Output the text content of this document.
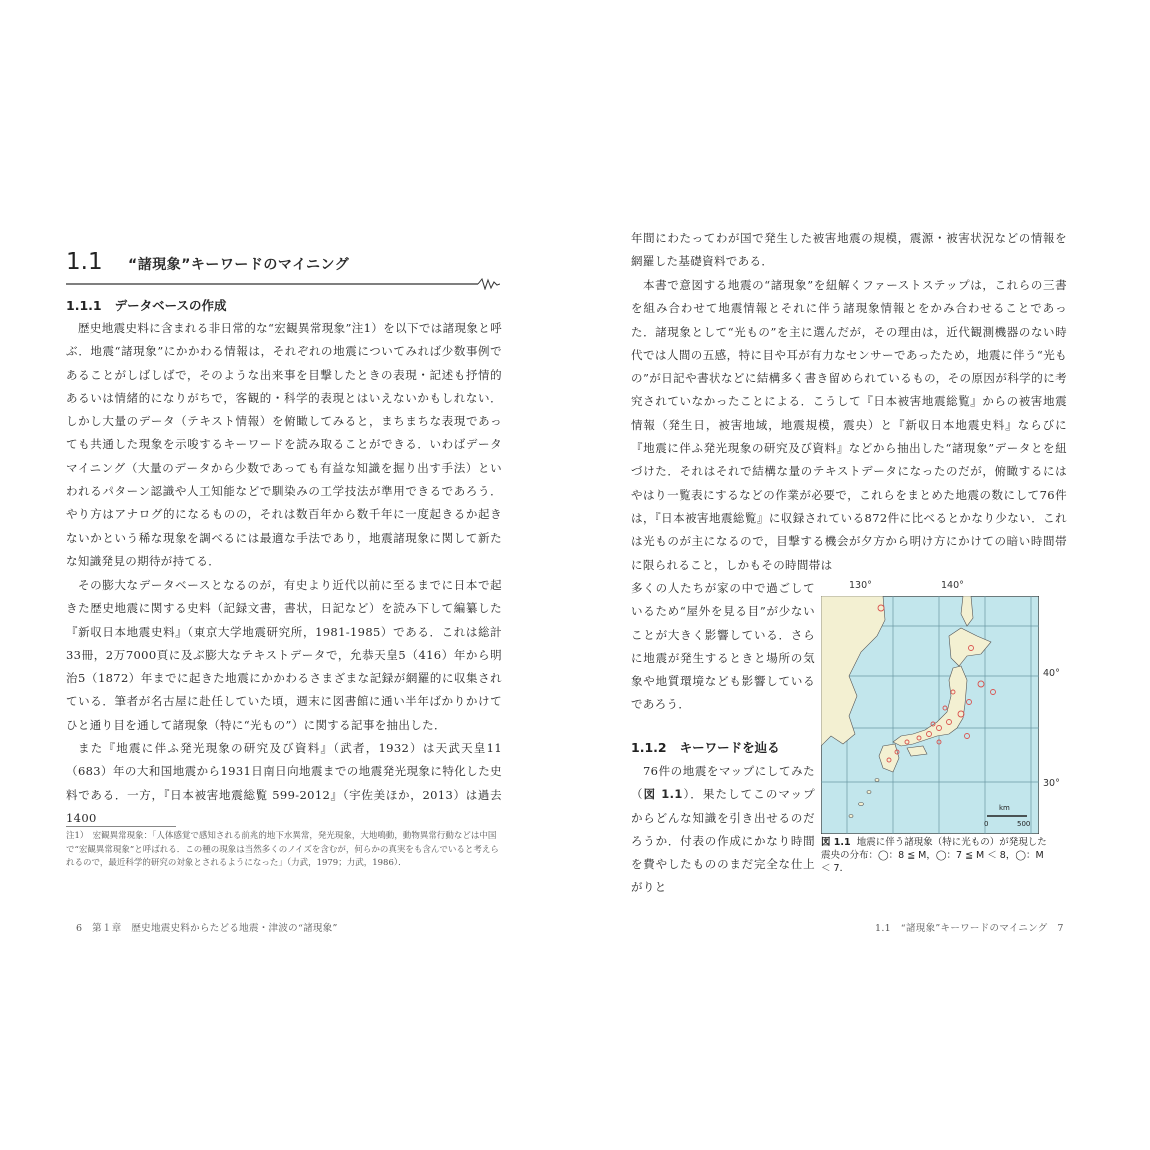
1.1 “諸現象”キーワードのマイニング
1.1.1 データベースの作成
歴史地震史料に含まれる非日常的な“宏観異常現象”注1）を以下では諸現象と呼ぶ．地震“諸現象”にかかわる情報は，それぞれの地震についてみれば少数事例であることがしばしばで，そのような出来事を目撃したときの表現・記述も抒情的あるいは情緒的になりがちで，客観的・科学的表現とはいえないかもしれない．しかし大量のデータ（テキスト情報）を俯瞰してみると，まちまちな表現であっても共通した現象を示唆するキーワードを読み取ることができる．いわばデータマイニング（大量のデータから少数であっても有益な知識を掘り出す手法）といわれるパターン認識や人工知能などで馴染みの工学技法が準用できるであろう．やり方はアナログ的になるものの，それは数百年から数千年に一度起きるか起きないかという稀な現象を調べるには最適な手法であり，地震諸現象に関して新たな知識発見の期待が持てる．
その膨大なデータベースとなるのが，有史より近代以前に至るまでに日本で起きた歴史地震に関する史料（記録文書，書状，日記など）を読み下して編纂した『新収日本地震史料』（東京大学地震研究所，1981-1985）である．これは総計33冊，2万7000頁に及ぶ膨大なテキストデータで，允恭天皇5（416）年から明治5（1872）年までに起きた地震にかかわるさまざまな記録が網羅的に収集されている．筆者が名古屋に赴任していた頃，週末に図書館に通い半年ばかりかけてひと通り目を通して諸現象（特に“光もの”）に関する記事を抽出した．
また『地震に伴ふ発光現象の研究及び資料』（武者，1932）は天武天皇11（683）年の大和国地震から1931日南日向地震までの地震発光現象に特化した史料である．一方，『日本被害地震総覧 599-2012』（宇佐美ほか，2013）は過去1400
注1）　宏観異常現象：「人体感覚で感知される前兆的地下水異常，発光現象，大地鳴動，動物異常行動などは中国で“宏観異常現象”と呼ばれる．この種の現象は当然多くのノイズを含むが，何らかの真実をも含んでいると考えられるので，最近科学的研究の対象とされるようになった」（力武，1979；力武，1986）．
6　第１章　歴史地震史料からたどる地震・津波の“諸現象”
年間にわたってわが国で発生した被害地震の規模，震源・被害状況などの情報を網羅した基礎資料である．
本書で意図する地震の“諸現象”を紐解くファーストステップは，これらの三書を組み合わせて地震情報とそれに伴う諸現象情報とをかみ合わせることであった．諸現象として“光もの”を主に選んだが，その理由は，近代観測機器のない時代では人間の五感，特に目や耳が有力なセンサーであったため，地震に伴う“光もの”が日記や書状などに結構多く書き留められているもの，その原因が科学的に考究されていなかったことによる．こうして『日本被害地震総覧』からの被害地震情報（発生日，被害地域，地震規模，震央）と『新収日本地震史料』ならびに『地震に伴ふ発光現象の研究及び資料』などから抽出した“諸現象”データとを紐づけた．それはそれで結構な量のテキストデータになったのだが，俯瞰するにはやはり一覧表にするなどの作業が必要で，これらをまとめた地震の数にして76件は，『日本被害地震総覧』に収録されている872件に比べるとかなり少ない．これは光ものが主になるので，目撃する機会が夕方から明け方にかけての暗い時間帯に限られること，しかもその時間帯は
多くの人たちが家の中で過ごしているため“屋外を見る目”が少ないことが大きく影響している．さらに地震が発生するときと場所の気象や地質環境なども影響しているであろう．
1.1.2 キーワードを辿る
76件の地震をマップにしてみた（図 1.1）．果たしてこのマップからどんな知識を引き出せるのだろうか．付表の作成にかなり時間を費やしたもののまだ完全な仕上がりと
130°	140°
40°
30°
km
0	500
図 1.1 地震に伴う諸現象（特に光もの）が発現した震央の分布：◯：8 ≦ M，◯：7 ≦ M ＜ 8，◯：M ＜ 7．
1.1　“諸現象”キーワードのマイニング　7
